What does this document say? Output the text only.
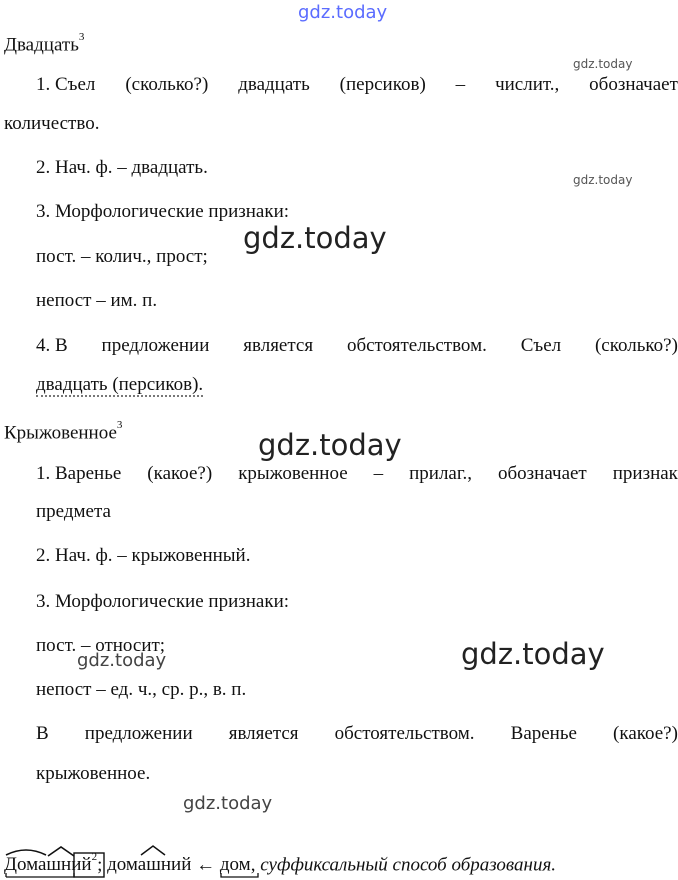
gdz.today
gdz.today
gdz.today
gdz.today
gdz.today
gdz.today	gdz.today
gdz.today
Двадцать$^3$
1. Съел (сколько?) двадцать (персиков) – числит., обозначает
количество.
2. Нач. ф. – двадцать.
3. Морфологические признаки:
пост. – колич., прост;
непост – им. п.
4. В предложении является обстоятельством. Съел (сколько?)
двадцать (персиков).
Крыжовенное$^3$
1. Варенье (какое?) крыжовенное – прилаг., обозначает признак
предмета
2. Нач. ф. – крыжовенный.
3. Морфологические признаки:
пост. – относит;
непост – ед. ч., ср. р., в. п.
В предложении является обстоятельством. Варенье (какое?)
крыжовенное.
Домашний
$^2$; домашний
← дом
, суффиксальный способ образования.
